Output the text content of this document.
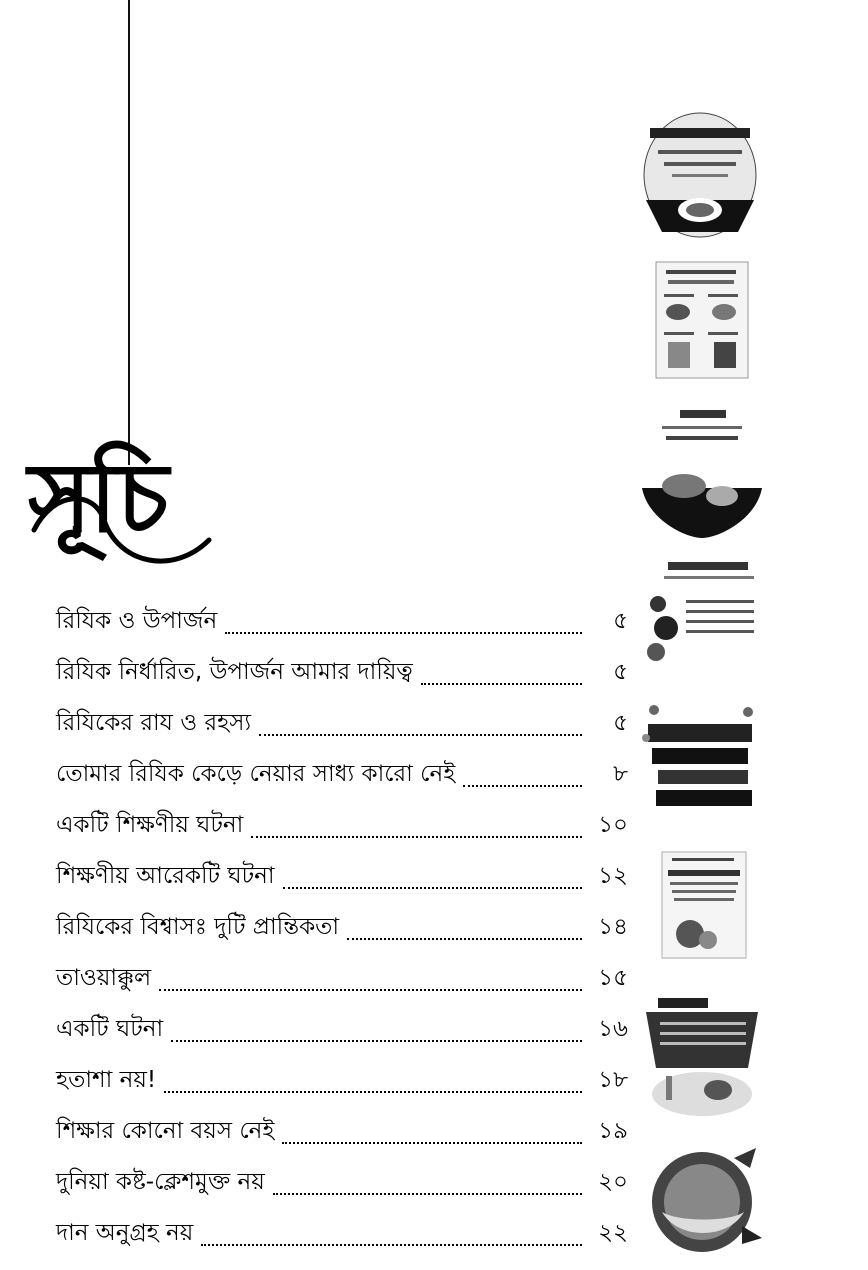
সূচি
রিযিক ও উপার্জন	৫
রিযিক নির্ধারিত, উপার্জন আমার দায়িত্ব	৫
রিযিকের রায ও রহস্য	৫
তোমার রিযিক কেড়ে নেয়ার সাধ্য কারো নেই	৮
একটি শিক্ষণীয় ঘটনা	১০
শিক্ষণীয় আরেকটি ঘটনা	১২
রিযিকের বিশ্বাসঃ দুটি প্রান্তিকতা	১৪
তাওয়াক্কুল	১৫
একটি ঘটনা	১৬
হতাশা নয়!	১৮
শিক্ষার কোনো বয়স নেই	১৯
দুনিয়া কষ্ট-ক্লেশমুক্ত নয়	২০
দান অনুগ্রহ নয়	২২
